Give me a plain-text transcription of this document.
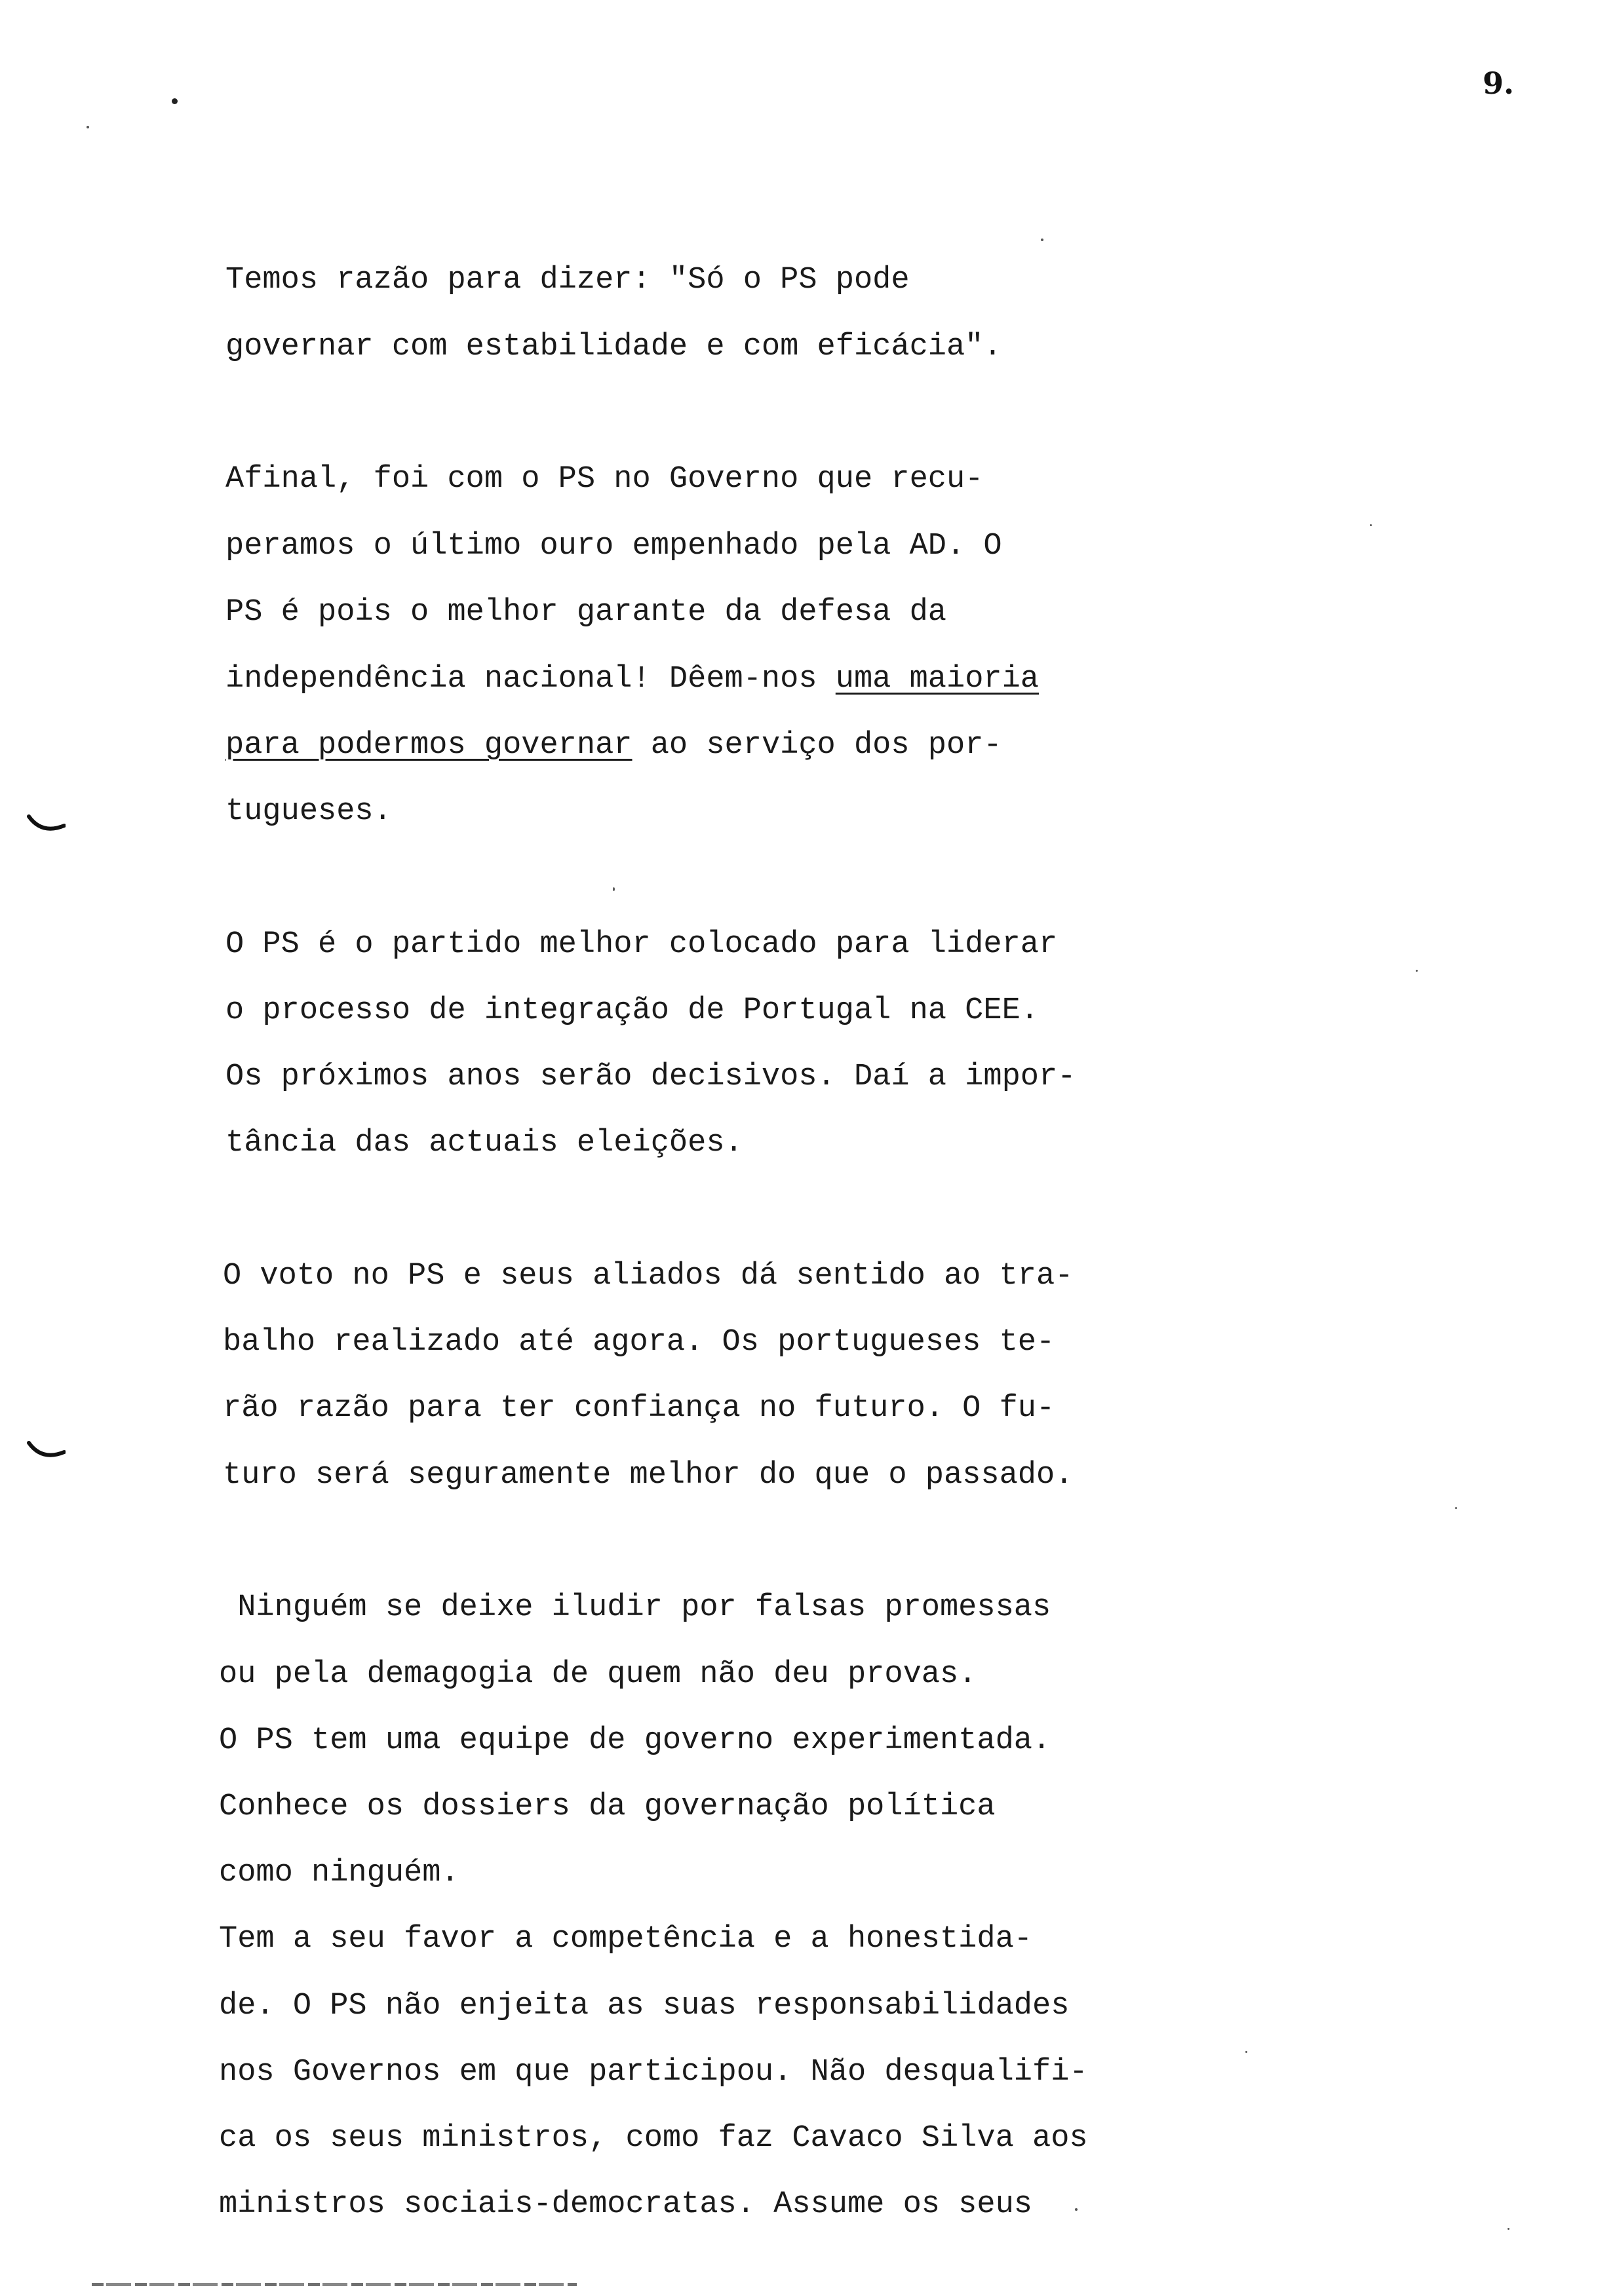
9.
Temos razão para dizer: "Só o PS pode
governar com estabilidade e com eficácia".
Afinal, foi com o PS no Governo que recu-
peramos o último ouro empenhado pela AD. O
PS é pois o melhor garante da defesa da
independência nacional! Dêem-nos uma maioria
para podermos governar ao serviço dos por-
tugueses.
O PS é o partido melhor colocado para liderar
o processo de integração de Portugal na CEE.
Os próximos anos serão decisivos. Daí a impor-
tância das actuais eleições.
O voto no PS e seus aliados dá sentido ao tra-
balho realizado até agora. Os portugueses te-
rão razão para ter confiança no futuro. O fu-
turo será seguramente melhor do que o passado.
Ninguém se deixe iludir por falsas promessas
ou pela demagogia de quem não deu provas.
O PS tem uma equipe de governo experimentada.
Conhece os dossiers da governação política
como ninguém.
Tem a seu favor a competência e a honestida-
de. O PS não enjeita as suas responsabilidades
nos Governos em que participou. Não desqualifi-
ca os seus ministros, como faz Cavaco Silva aos
ministros sociais-democratas. Assume os seus
